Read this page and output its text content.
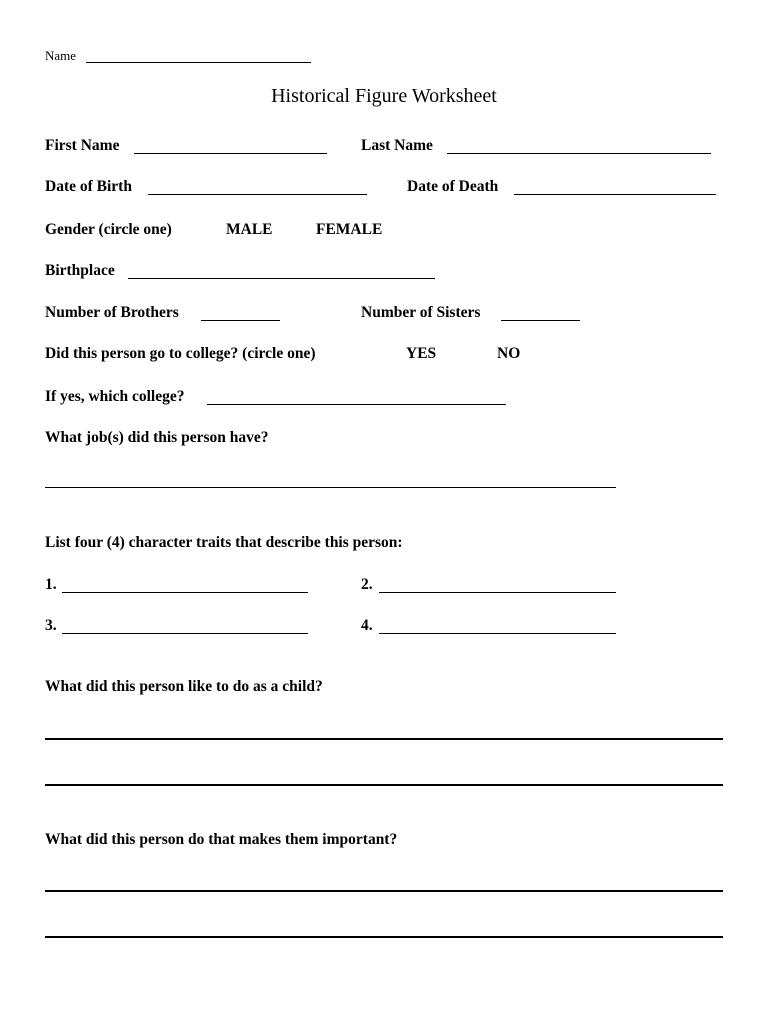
Name
Historical Figure Worksheet
First Name	Last Name
Date of Birth	Date of Death
Gender (circle one)	MALE	FEMALE
Birthplace
Number of Brothers	Number of Sisters
Did this person go to college? (circle one)	YES	NO
If yes, which college?
What job(s) did this person have?
List four (4) character traits that describe this person:
1.	2.
3.	4.
What did this person like to do as a child?
What did this person do that makes them important?
